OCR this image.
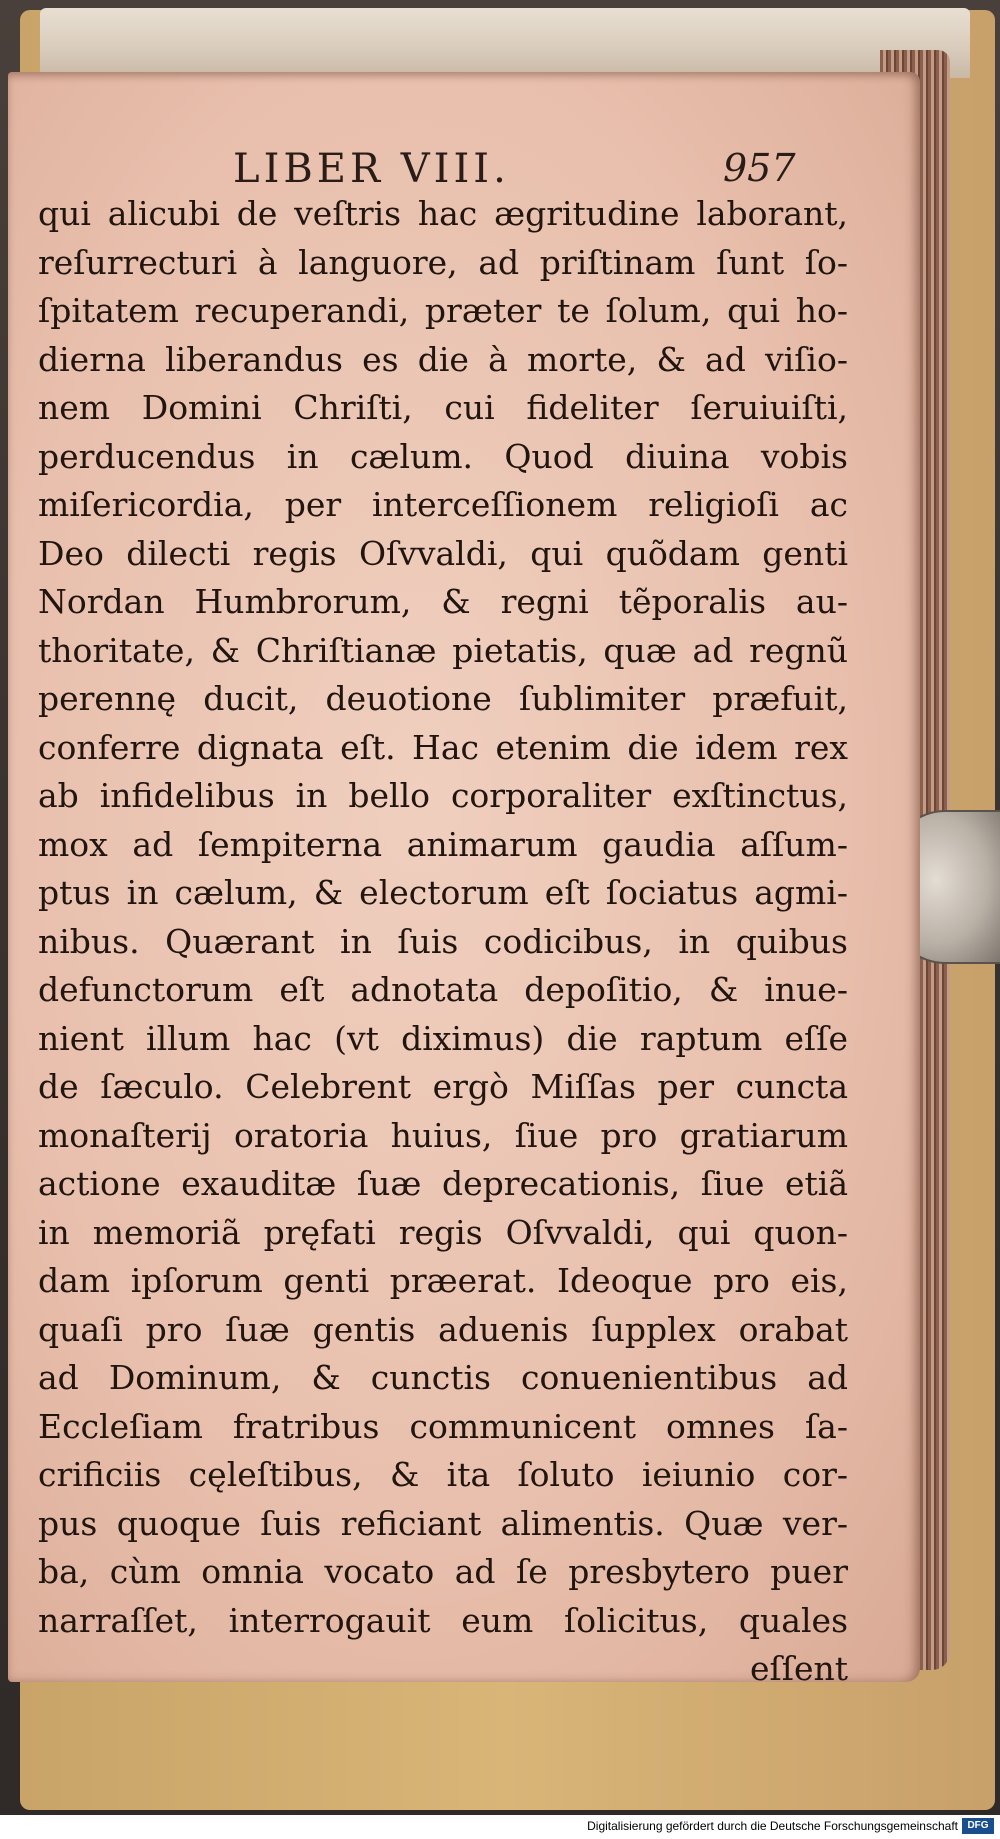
LIBER VIII.	957
qui alicubi de veſtris hac ægritudine laborant,
reſurrecturi à languore, ad priſtinam ſunt ſo-
ſpitatem recuperandi, præter te ſolum, qui ho-
dierna liberandus es die à morte, & ad viſio-
nem Domini Chriſti, cui fideliter ſeruiuiſti,
perducendus in cælum. Quod diuina vobis
miſericordia, per interceſſionem religioſi ac
Deo dilecti regis Oſvvaldi, qui quõdam genti
Nordan Humbrorum, & regni tẽporalis au-
thoritate, & Chriſtianæ pietatis, quæ ad regnũ
perennę ducit, deuotione ſublimiter præfuit,
conferre dignata eſt. Hac etenim die idem rex
ab infidelibus in bello corporaliter exſtinctus,
mox ad ſempiterna animarum gaudia aſſum-
ptus in cælum, & electorum eſt ſociatus agmi-
nibus. Quærant in ſuis codicibus, in quibus
defunctorum eſt adnotata depoſitio, & inue-
nient illum hac (vt diximus) die raptum eſſe
de ſæculo. Celebrent ergò Miſſas per cuncta
monaſterij oratoria huius, ſiue pro gratiarum
actione exauditæ ſuæ deprecationis, ſiue etiã
in memoriã pręfati regis Oſvvaldi, qui quon-
dam ipſorum genti præerat. Ideoque pro eis,
quaſi pro ſuæ gentis aduenis ſupplex orabat
ad Dominum, & cunctis conuenientibus ad
Eccleſiam fratribus communicent omnes ſa-
crificiis cęleſtibus, & ita ſoluto ieiunio cor-
pus quoque ſuis reficiant alimentis. Quæ ver-
ba, cùm omnia vocato ad ſe presbytero puer
narraſſet, interrogauit eum ſolicitus, quales
eſſent
Digitalisierung gefördert durch die Deutsche Forschungsgemeinschaft DFG
